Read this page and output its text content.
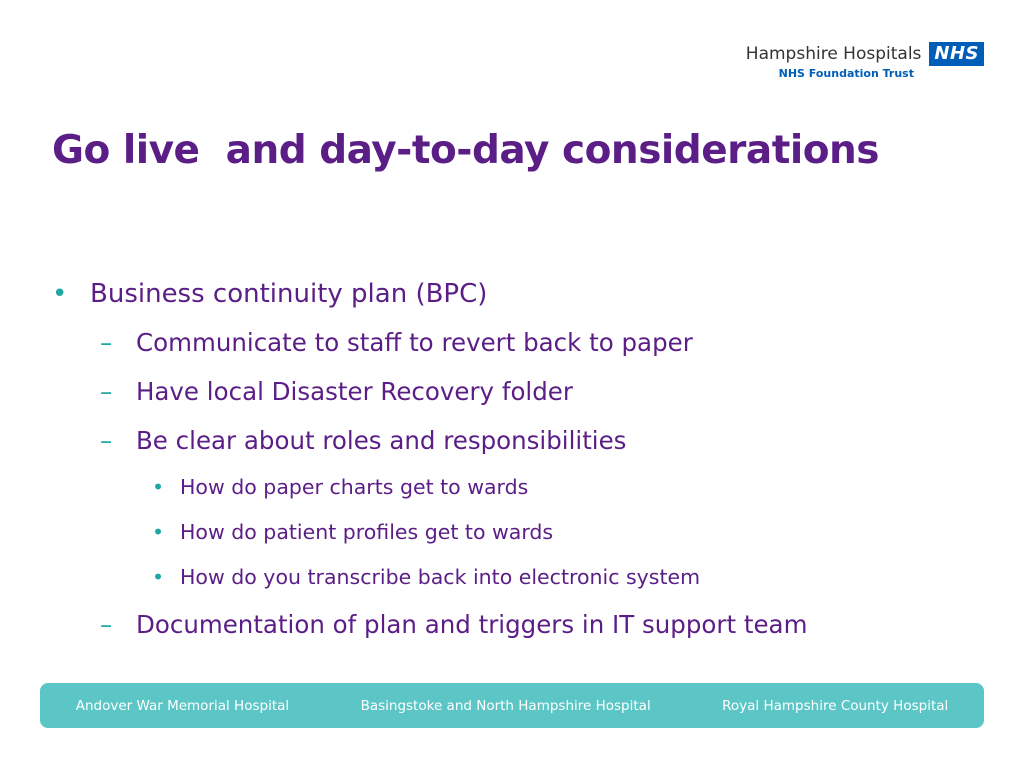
Hampshire Hospitals NHS
NHS Foundation Trust
Go live  and day-to-day considerations
• Business continuity plan (BPC)
– Communicate to staff to revert back to paper
– Have local Disaster Recovery folder
– Be clear about roles and responsibilities
• How do paper charts get to wards
• How do patient profiles get to wards
• How do you transcribe back into electronic system
– Documentation of plan and triggers in IT support team
Andover War Memorial Hospital	Basingstoke and North Hampshire Hospital	Royal Hampshire County Hospital
